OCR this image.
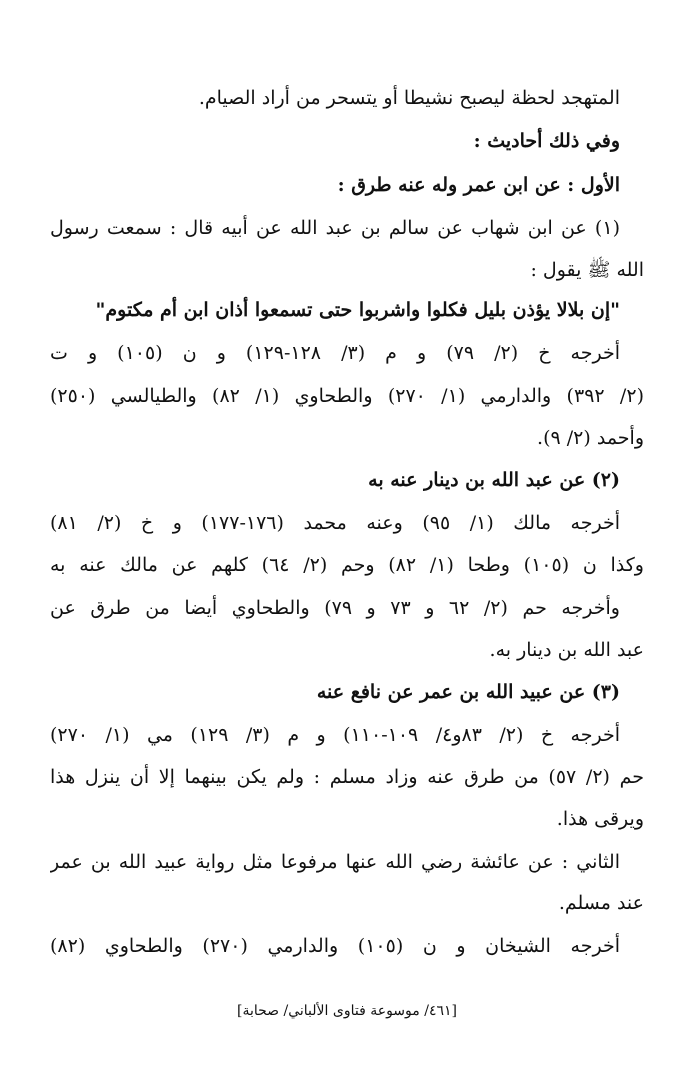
المتهجد لحظة ليصبح نشيطا أو يتسحر من أراد الصيام.
وفي ذلك أحاديث :
الأول : عن ابن عمر وله عنه طرق :
(١) عن ابن شهاب عن سالم بن عبد الله عن أبيه قال : سمعت رسول
الله ﷺ يقول :
"إن بلالا يؤذن بليل فكلوا واشربوا حتى تسمعوا أذان ابن أم مكتوم"
أخرجه خ (٢/ ٧٩) و م (٣/ ١٢٨-١٢٩) و ن (١٠٥) و ت
(٢/ ٣٩٢) والدارمي (١/ ٢٧٠) والطحاوي (١/ ٨٢) والطيالسي (٢٥٠)
وأحمد (٢/ ٩).
(٢) عن عبد الله بن دينار عنه به
أخرجه مالك (١/ ٩٥) وعنه محمد (١٧٦-١٧٧) و خ (٢/ ٨١)
وكذا ن (١٠٥) وطحا (١/ ٨٢) وحم (٢/ ٦٤) كلهم عن مالك عنه به
وأخرجه حم (٢/ ٦٢ و ٧٣ و ٧٩) والطحاوي أيضا من طرق عن
عبد الله بن دينار به.
(٣) عن عبيد الله بن عمر عن نافع عنه
أخرجه خ (٢/ ٨٣و٤/ ١٠٩-١١٠) و م (٣/ ١٢٩) مي (١/ ٢٧٠)
حم (٢/ ٥٧) من طرق عنه وزاد مسلم : ولم يكن بينهما إلا أن ينزل هذا
ويرقى هذا.
الثاني : عن عائشة رضي الله عنها مرفوعا مثل رواية عبيد الله بن عمر
عند مسلم.
أخرجه الشيخان و ن (١٠٥) والدارمي (٢٧٠) والطحاوي (٨٢)
[٤٦١/ موسوعة فتاوى الألباني/ صحابة]
